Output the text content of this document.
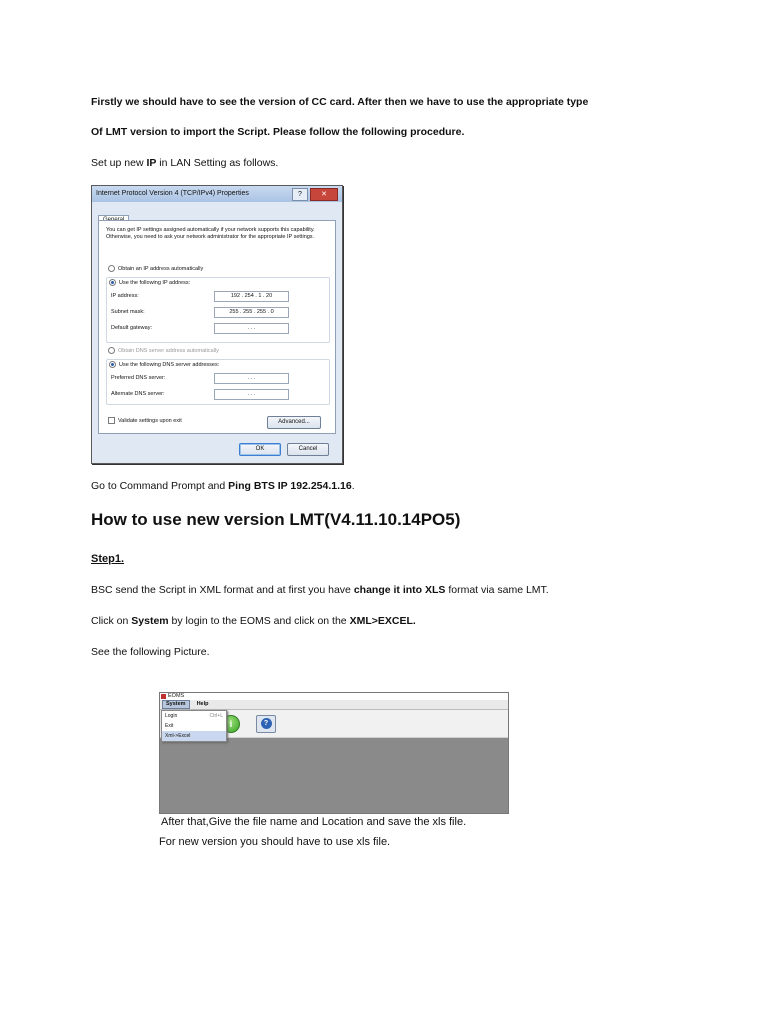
Firstly we should have to see the version of CC card. After then we have to use the appropriate type
Of LMT version to import the Script. Please follow the following procedure.
Set up new IP in LAN Setting as follows.
Internet Protocol Version 4 (TCP/IPv4) Properties	?	✕
You can get IP settings assigned automatically if your network supports this capability. Otherwise, you need to ask your network administrator for the appropriate IP settings.
Obtain an IP address automatically
Use the following IP address:
IP address:	192 . 254 . 1 . 20
Subnet mask:	255 . 255 . 255 . 0
Default gateway:	. . .
Obtain DNS server address automatically
Use the following DNS server addresses:
Preferred DNS server:	. . .
Alternate DNS server:	. . .
Validate settings upon exit	Advanced...
OK	Cancel
Go to Command Prompt and Ping BTS IP 192.254.1.16.
How to use new version LMT(V4.11.10.14PO5)
Step1.
BSC send the Script in XML format and at first you have change it into XLS format via same LMT.
Click on System by login to the EOMS and click on the XML>EXCEL.
See the following Picture.
EOMS
System	Help
i	?
Login	Ctrl+L
Exit
Xml->Excel
After that,Give the file name and Location and save the xls file.
For new version you should have to use xls file.
